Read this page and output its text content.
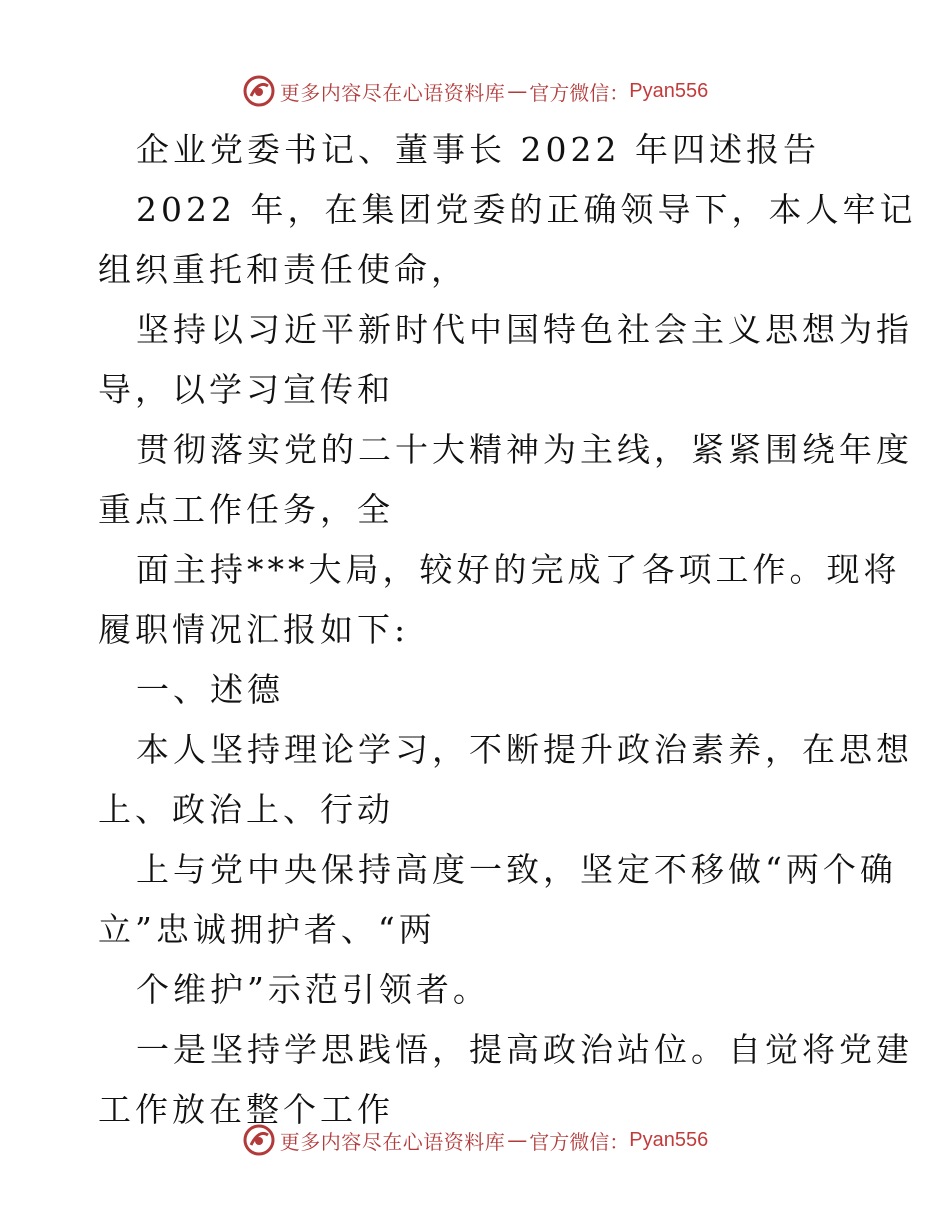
更多内容尽在心语资料库 — 官方微信： Pyan556
企业党委书记、董事长 2022 年四述报告
2022 年，在集团党委的正确领导下，本人牢记
组织重托和责任使命，
坚持以习近平新时代中国特色社会主义思想为指
导，以学习宣传和
贯彻落实党的二十大精神为主线，紧紧围绕年度
重点工作任务，全
面主持***大局，较好的完成了各项工作。现将
履职情况汇报如下:
一、述德
本人坚持理论学习，不断提升政治素养，在思想
上、政治上、行动
上与党中央保持高度一致，坚定不移做“两个确
立”忠诚拥护者、“两
个维护”示范引领者。
一是坚持学思践悟，提高政治站位。自觉将党建
工作放在整个工作
更多内容尽在心语资料库 — 官方微信： Pyan556
